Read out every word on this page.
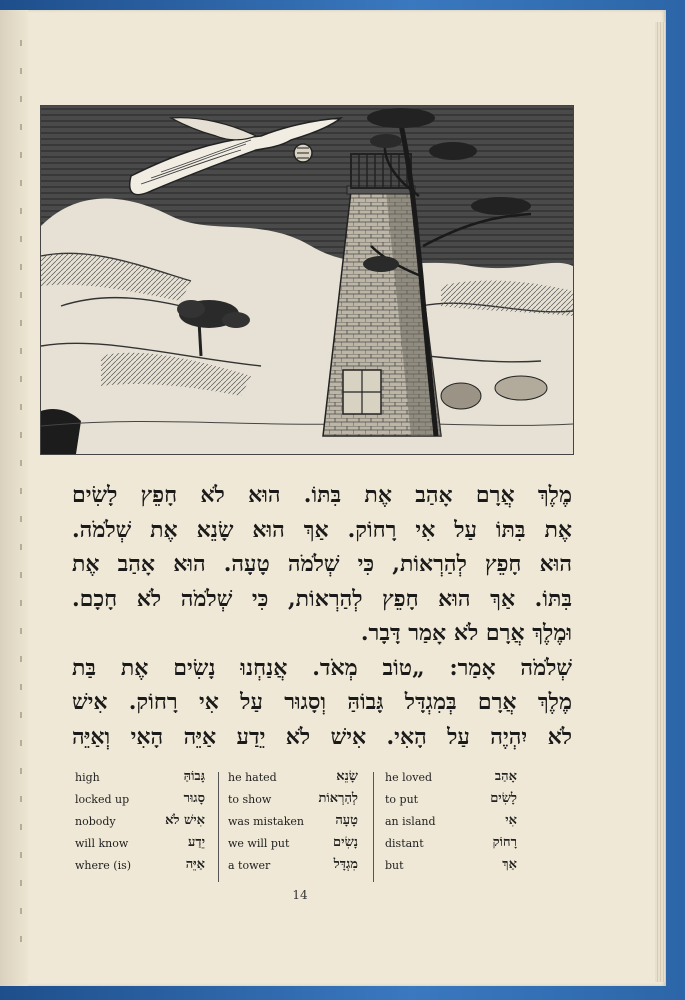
מֶלֶךְ אֲרָם אָהַב אֶת בִּתּוֹ. הוּא לֹא חָפֵץ לָשִׂים
אֶת בִּתּוֹ עַל אִי רָחוֹק. אַךְ הוּא שָׂנֵא אֶת שְׁלֹמֹה.
הוּא חָפֵץ לְהַרְאוֹת, כִּי שְׁלֹמֹה טָעָה. הוּא אָהַב אֶת
בִּתּוֹ. אַךְ הוּא חָפֵץ לְהַרְאוֹת, כִּי שְׁלֹמֹה לֹא חָכָם.
וּמֶלֶךְ אֲרָם לֹא אָמַר דָּבָר.

שְׁלֹמֹה אָמַר: „טוֹב מְאֹד. אֲנַחְנוּ נָשִׂים אֶת בַּת
מֶלֶךְ אֲרָם בְּמִגְדָּל גָּבוֹהַּ וְסָגוּר עַל אִי רָחוֹק. אִישׁ
לֹא יִהְיֶה עַל הָאִי. אִישׁ לֹא יֵדַע אַיֵּה הָאִי וְאַיֵּה

high	גָּבוֹהַּ
locked up	סָגוּר
nobody	אִישׁ לֹא
will know	יֵדַע
where (is)	אַיֵּה
he hated	שָׂנֵא
to show	לְהַרְאוֹת
was mistaken טָעָה
we will put	נָשִׂים
a tower	מִגְדָּל
he loved	אָהַב
to put	לָשִׂים
an island	אִי
distant	רָחוֹק
but	אַךְ
14
